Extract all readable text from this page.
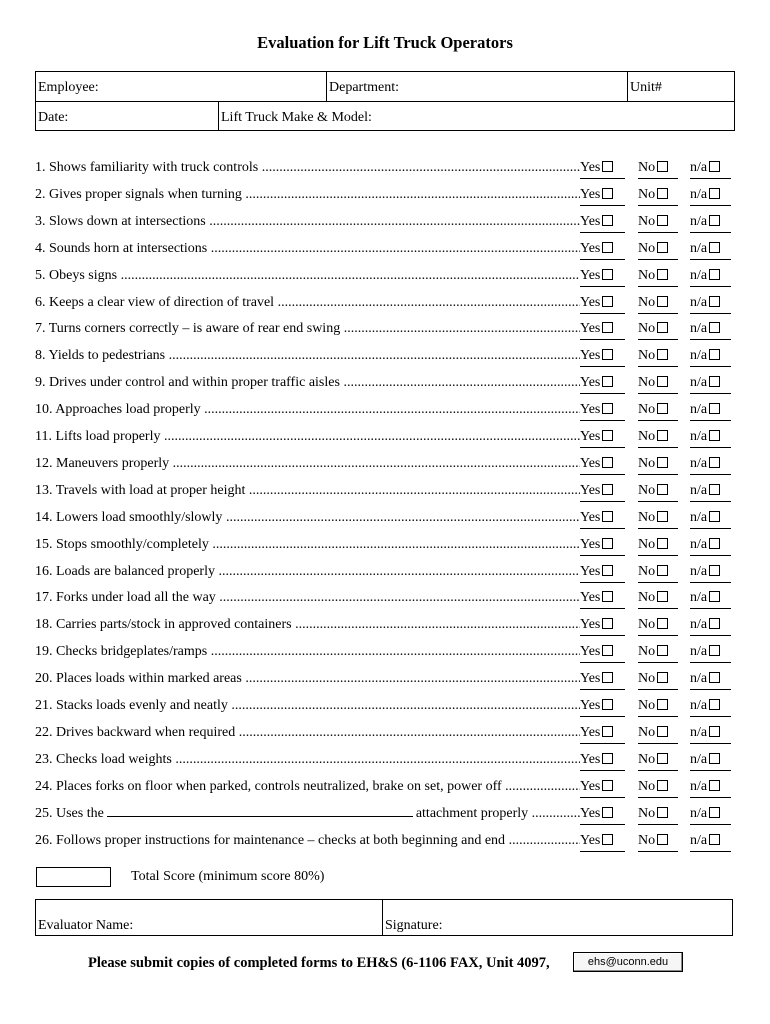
Evaluation for Lift Truck Operators
Employee:	Department:	Unit#
Date:	Lift Truck Make & Model:
1. Shows familiarity with truck controls .....	Yes	No	n/a
2. Gives proper signals when turning .....	Yes	No	n/a
3. Slows down at intersections .....	Yes	No	n/a
4. Sounds horn at intersections .....	Yes	No	n/a
5. Obeys signs .....	Yes	No	n/a
6. Keeps a clear view of direction of travel .....	Yes	No	n/a
7. Turns corners correctly – is aware of rear end swing .....	Yes	No	n/a
8. Yields to pedestrians .....	Yes	No	n/a
9. Drives under control and within proper traffic aisles .....	Yes	No	n/a
10. Approaches load properly .....	Yes	No	n/a
11. Lifts load properly .....	Yes	No	n/a
12. Maneuvers properly .....	Yes	No	n/a
13. Travels with load at proper height .....	Yes	No	n/a
14. Lowers load smoothly/slowly .....	Yes	No	n/a
15. Stops smoothly/completely .....	Yes	No	n/a
16. Loads are balanced properly .....	Yes	No	n/a
17. Forks under load all the way .....	Yes	No	n/a
18. Carries parts/stock in approved containers .....	Yes	No	n/a
19. Checks bridgeplates/ramps .....	Yes	No	n/a
20. Places loads within marked areas .....	Yes	No	n/a
21. Stacks loads evenly and neatly .....	Yes	No	n/a
22. Drives backward when required .....	Yes	No	n/a
23. Checks load weights .....	Yes	No	n/a
24. Places forks on floor when parked, controls neutralized, brake on set, power off .....	Yes	No	n/a
25. Uses the	attachment properly .....	Yes	No	n/a
26. Follows proper instructions for maintenance – checks at both beginning and end .....	Yes	No	n/a
Total Score (minimum score 80%)
Evaluator Name:	Signature:
Please submit copies of completed forms to EH&S (6-1106 FAX, Unit 4097,	ehs@uconn.edu
